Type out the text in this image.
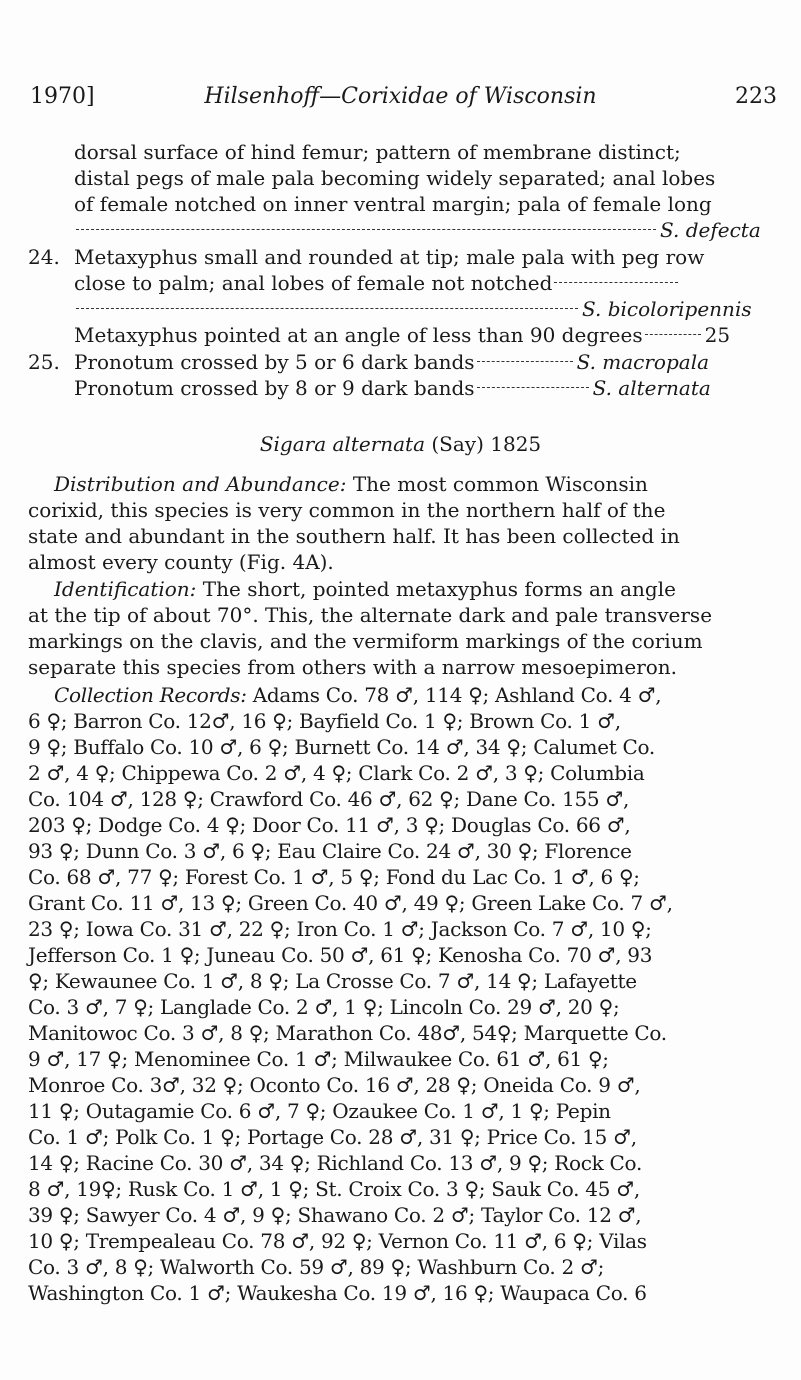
1970]	Hilsenhoff—Corixidae of Wisconsin	223
dorsal surface of hind femur; pattern of membrane distinct;
distal pegs of male pala becoming widely separated; anal lobes
of female notched on inner ventral margin; pala of female long
S. defecta
24. Metaxyphus small and rounded at tip; male pala with peg row
close to palm; anal lobes of female not notched
S. bicoloripennis
Metaxyphus pointed at an angle of less than 90 degrees	25
25. Pronotum crossed by 5 or 6 dark bands	S. macropala
Pronotum crossed by 8 or 9 dark bands	S. alternata
Sigara alternata (Say) 1825
Distribution and Abundance: The most common Wisconsin
corixid, this species is very common in the northern half of the
state and abundant in the southern half. It has been collected in
almost every county (Fig. 4A).
Identification: The short, pointed metaxyphus forms an angle
at the tip of about 70°. This, the alternate dark and pale transverse
markings on the clavis, and the vermiform markings of the corium
separate this species from others with a narrow mesoepimeron.
Collection Records: Adams Co. 78 ♂, 114 ♀; Ashland Co. 4 ♂,
6 ♀; Barron Co. 12♂, 16 ♀; Bayfield Co. 1 ♀; Brown Co. 1 ♂,
9 ♀; Buffalo Co. 10 ♂, 6 ♀; Burnett Co. 14 ♂, 34 ♀; Calumet Co.
2 ♂, 4 ♀; Chippewa Co. 2 ♂, 4 ♀; Clark Co. 2 ♂, 3 ♀; Columbia
Co. 104 ♂, 128 ♀; Crawford Co. 46 ♂, 62 ♀; Dane Co. 155 ♂,
203 ♀; Dodge Co. 4 ♀; Door Co. 11 ♂, 3 ♀; Douglas Co. 66 ♂,
93 ♀; Dunn Co. 3 ♂, 6 ♀; Eau Claire Co. 24 ♂, 30 ♀; Florence
Co. 68 ♂, 77 ♀; Forest Co. 1 ♂, 5 ♀; Fond du Lac Co. 1 ♂, 6 ♀;
Grant Co. 11 ♂, 13 ♀; Green Co. 40 ♂, 49 ♀; Green Lake Co. 7 ♂,
23 ♀; Iowa Co. 31 ♂, 22 ♀; Iron Co. 1 ♂; Jackson Co. 7 ♂, 10 ♀;
Jefferson Co. 1 ♀; Juneau Co. 50 ♂, 61 ♀; Kenosha Co. 70 ♂, 93
♀; Kewaunee Co. 1 ♂, 8 ♀; La Crosse Co. 7 ♂, 14 ♀; Lafayette
Co. 3 ♂, 7 ♀; Langlade Co. 2 ♂, 1 ♀; Lincoln Co. 29 ♂, 20 ♀;
Manitowoc Co. 3 ♂, 8 ♀; Marathon Co. 48♂, 54♀; Marquette Co.
9 ♂, 17 ♀; Menominee Co. 1 ♂; Milwaukee Co. 61 ♂, 61 ♀;
Monroe Co. 3♂, 32 ♀; Oconto Co. 16 ♂, 28 ♀; Oneida Co. 9 ♂,
11 ♀; Outagamie Co. 6 ♂, 7 ♀; Ozaukee Co. 1 ♂, 1 ♀; Pepin
Co. 1 ♂; Polk Co. 1 ♀; Portage Co. 28 ♂, 31 ♀; Price Co. 15 ♂,
14 ♀; Racine Co. 30 ♂, 34 ♀; Richland Co. 13 ♂, 9 ♀; Rock Co.
8 ♂, 19♀; Rusk Co. 1 ♂, 1 ♀; St. Croix Co. 3 ♀; Sauk Co. 45 ♂,
39 ♀; Sawyer Co. 4 ♂, 9 ♀; Shawano Co. 2 ♂; Taylor Co. 12 ♂,
10 ♀; Trempealeau Co. 78 ♂, 92 ♀; Vernon Co. 11 ♂, 6 ♀; Vilas
Co. 3 ♂, 8 ♀; Walworth Co. 59 ♂, 89 ♀; Washburn Co. 2 ♂;
Washington Co. 1 ♂; Waukesha Co. 19 ♂, 16 ♀; Waupaca Co. 6
